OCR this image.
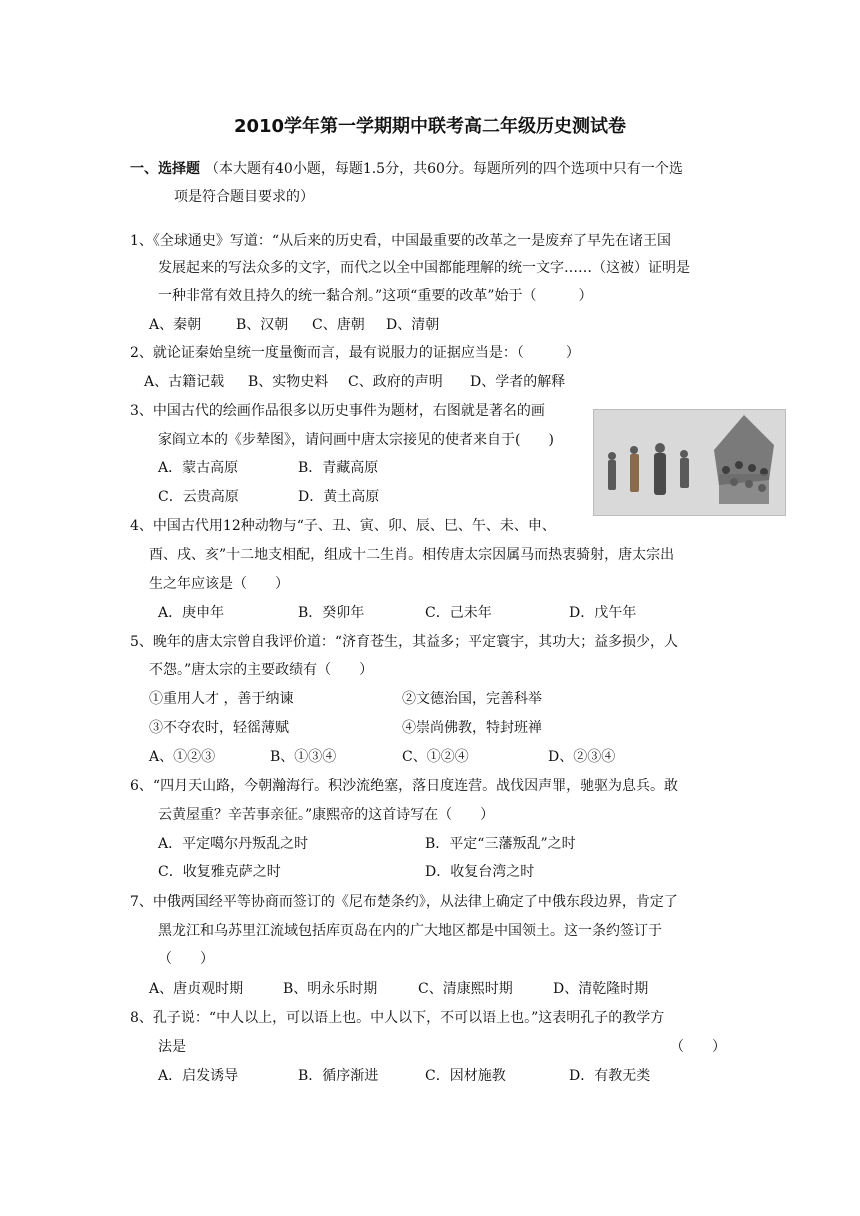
2010学年第一学期期中联考高二年级历史测试卷
一、选择题 （本大题有40小题，每题1.5分，共60分。每题所列的四个选项中只有一个选
项是符合题目要求的）
1、《全球通史》写道：“从后来的历史看，中国最重要的改革之一是废弃了早先在诸王国
发展起来的写法众多的文字，而代之以全中国都能理解的统一文字……（这被）证明是
一种非常有效且持久的统一黏合剂。”这项“重要的改革”始于（　　　）
A、秦朝 B、汉朝 C、唐朝 D、清朝
2、就论证秦始皇统一度量衡而言，最有说服力的证据应当是：（　　　）
A、古籍记载 B、实物史料 C、政府的声明 D、学者的解释
3、中国古代的绘画作品很多以历史事件为题材，右图就是著名的画
家阎立本的《步辇图》，请问画中唐太宗接见的使者来自于(　　)
A．蒙古高原	B．青藏高原
C．云贵高原	D．黄土高原
4、中国古代用12种动物与“子、丑、寅、卯、辰、巳、午、未、申、
酉、戌、亥”十二地支相配，组成十二生肖。相传唐太宗因属马而热衷骑射，唐太宗出
生之年应该是（　　）
A．庚申年	B．癸卯年	C．己未年	D．戊午年
5、晚年的唐太宗曾自我评价道：“济育苍生，其益多；平定寰宇，其功大；益多损少，人
不怨。”唐太宗的主要政绩有（　　）
①重用人才 ，善于纳谏	②文德治国，完善科举
③不夺农时，轻徭薄赋	④崇尚佛教，特封班禅
A、①②③	B、①③④	C、①②④	D、②③④
6、“四月天山路，今朝瀚海行。积沙流绝塞，落日度连营。战伐因声罪，驰驱为息兵。敢
云黄屋重？辛苦事亲征。”康熙帝的这首诗写在（　　）
A．平定噶尔丹叛乱之时	B．平定“三藩叛乱”之时
C．收复雅克萨之时	D．收复台湾之时
7、中俄两国经平等协商而签订的《尼布楚条约》，从法律上确定了中俄东段边界，肯定了
黑龙江和乌苏里江流域包括库页岛在内的广大地区都是中国领土。这一条约签订于
（　　）
A、唐贞观时期	B、明永乐时期	C、清康熙时期	D、清乾隆时期
8、孔子说：“中人以上，可以语上也。中人以下，不可以语上也。”这表明孔子的教学方
法是	（　　）
A．启发诱导	B．循序渐进	C．因材施教	D．有教无类
